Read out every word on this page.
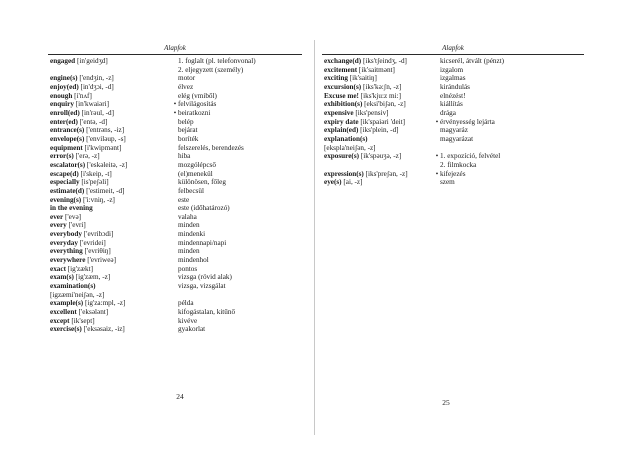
Alapfok
engaged [in'geidʒd]	1. foglalt (pl. telefonvonal)
2. eljegyzett (személy)
engine(s) ['endʒin, -z]	motor
enjoy(ed) [in'dʒɔi, -d]	élvez
enough [i'nʌf]	elég (vmiből)
enquiry [in'kwaiəri]	• felvilágosítás
enroll(ed) [in'rəul, -d]	• beiratkozni
enter(ed) ['entə, -d]	belép
entrance(s) ['entrəns, -iz]	bejárat
envelope(s) ['envilәup, -s]	boríték
equipment [i'kwipmənt]	felszerelés, berendezés
error(s) ['erə, -z]	hiba
escalator(s) ['eskəleitə, -z]	mozgólépcső
escape(d) [i'skeip, -t]	(el)menekül
especially [is'peʃəli]	különösen, főleg
estimate(d) ['estimeit, -d]	felbecsül
evening(s) ['i:vniŋ, -z]	este
in the evening	este (időhatározó)
ever ['evə]	valaha
every ['evri]	minden
everybody ['evribɔdi]	mindenki
everyday ['evridei]	mindennapi/napi
everything ['evriθiŋ]	minden
everywhere ['evriweə]	mindenhol
exact [ig'zækt]	pontos
exam(s) [ig'zæm, -z]	vizsga (rövid alak)
examination(s)	vizsga, vizsgálat
[igzæmi'neiʃən, -z]
example(s) [ig'za:mpl, -z]	példa
excellent ['eksələnt]	kifogástalan, kitűnő
except [ik'sept]	kivéve
exercise(s) ['eksəsaiz, -iz]	gyakorlat
24
Alapfok
exchange(d) [iks'tʃeindʒ, -d]	kicserél, átvált (pénzt)
excitement [ik'saitmənt]	izgalom
exciting [ik'saitiŋ]	izgalmas
excursion(s) [iks'kə:ʃn, -z]	kirándulás
Excuse me! [iks'kju:z mi:]	elnézést!
exhibition(s) [eksi'biʃən, -z]	kiállítás
expensive [iks'pensiv]	drága
expiry date [ik'spaiəri 'deit]	• érvényesség lejárta
explain(ed) [iks'plein, -d]	magyaráz
explanation(s)	magyarázat
[ekspla'neiʃən, -z]
exposure(s) [ik'spəuʒə, -z]	• 1. expozíció, felvétel
2. filmkocka
expression(s) [iks'preʃən, -z]	• kifejezés
eye(s) [ai, -z]	szem
25
